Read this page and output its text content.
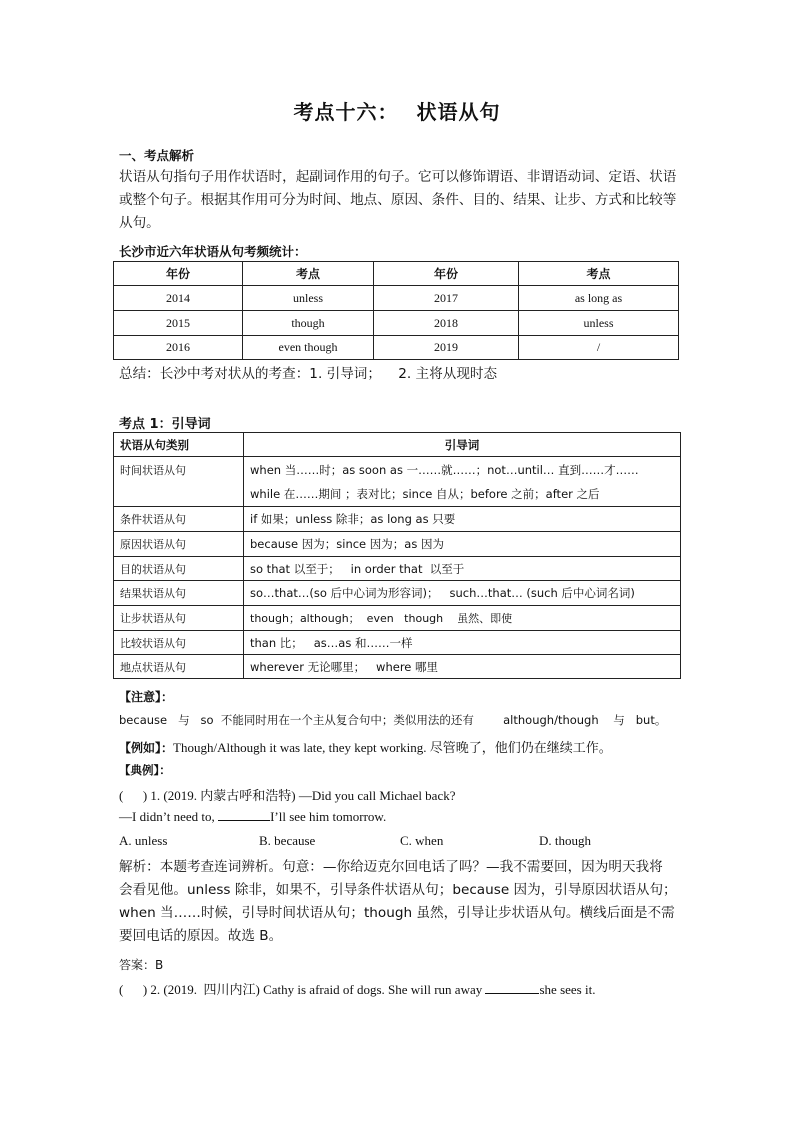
考点十六： 状语从句
一、考点解析
状语从句指句子用作状语时，起副词作用的句子。它可以修饰谓语、非谓语动词、定语、状语
或整个句子。根据其作用可分为时间、地点、原因、条件、目的、结果、让步、方式和比较等
从句。
长沙市近六年状语从句考频统计：
年份	考点	年份	考点
2014	unless	2017	as long as
2015	though	2018	unless
2016	even though	2019	/
总结：长沙中考对状从的考查：1. 引导词；    2. 主将从现时态
考点 1：引导词
状语从句类别	引导词
时间状语从句	when 当……时；as soon as 一……就……；not…until… 直到……才……
while 在……期间 ；表对比；since 自从；before 之前；after 之后

条件状语从句	if 如果；unless 除非；as long as 只要
原因状语从句	because 因为；since 因为；as 因为
目的状语从句	so that 以至于；   in order that  以至于
结果状语从句	so…that…(so 后中心词为形容词)；   such…that… (such 后中心词名词)
让步状语从句	though；although；  even   though    虽然、即使
比较状语从句	than 比；   as…as 和……一样
地点状语从句	wherever 无论哪里；   where 哪里
【注意】：
because   与   so  不能同时用在一个主从复合句中；类似用法的还有        although/though    与   but。
【例如】：Though/Although it was late, they kept working. 尽管晚了，他们仍在继续工作。
【典例】：
(      ) 1. (2019. 内蒙古呼和浩特) —Did you call Michael back?
—I didn’t need to,	I’ll see him tomorrow.
A. unless	B. because	C. when	D. though
解析：本题考查连词辨析。句意：—你给迈克尔回电话了吗？—我不需要回，因为明天我将
会看见他。unless 除非，如果不，引导条件状语从句；because 因为，引导原因状语从句；
when 当……时候，引导时间状语从句；though 虽然，引导让步状语从句。横线后面是不需
要回电话的原因。故选 B。
答案：B
(      ) 2. (2019.  四川内江) Cathy is afraid of dogs. She will run away	she sees it.
